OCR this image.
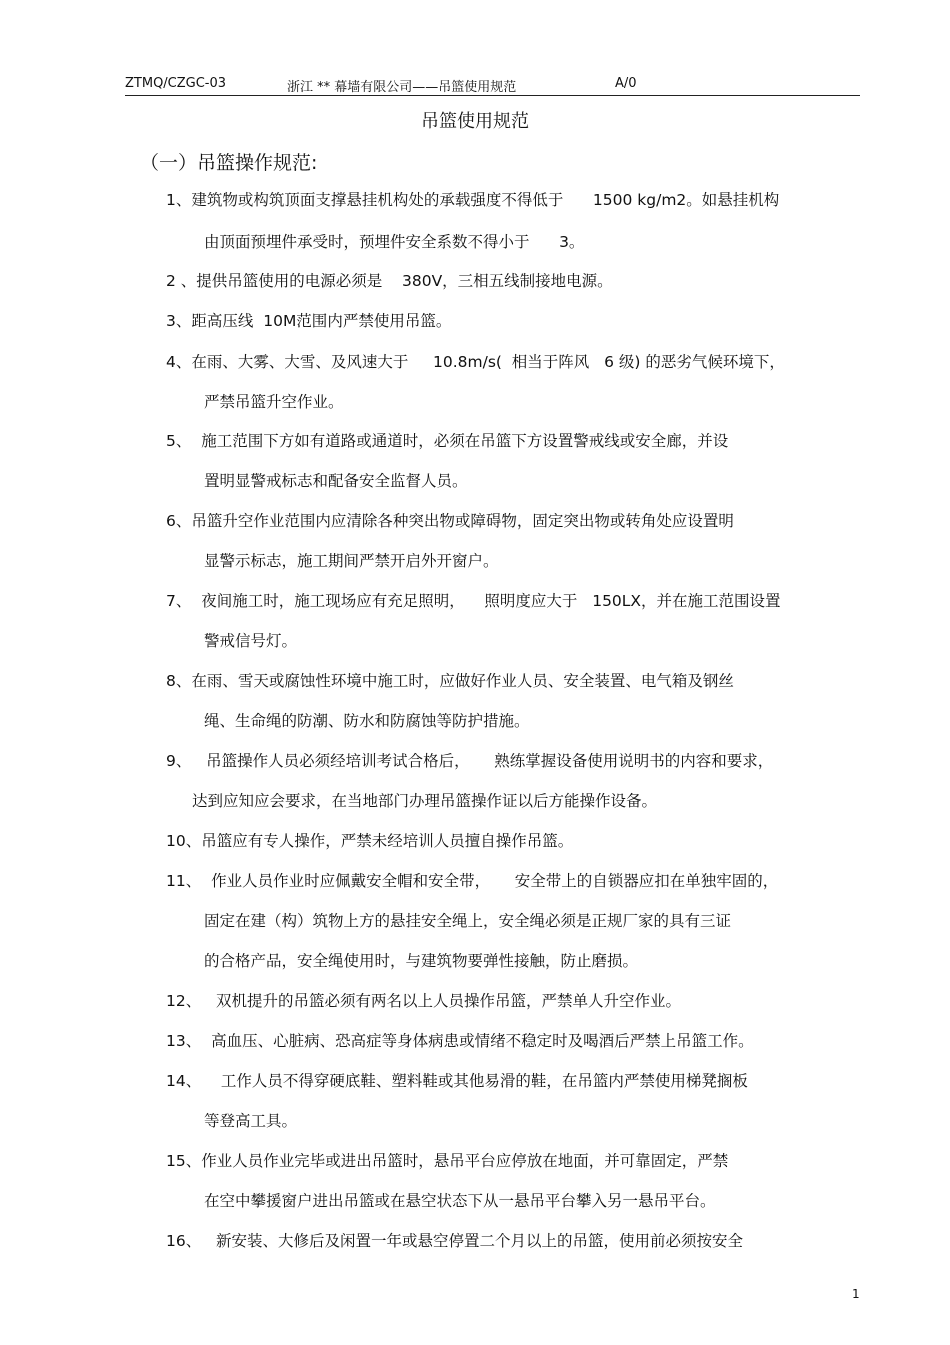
ZTMQ/CZGC-03	浙江 ** 幕墙有限公司——吊篮使用规范	A/0
吊篮使用规范
（一）吊篮操作规范:
1、建筑物或构筑顶面支撑悬挂机构处的承载强度不得低于      1500 kg/m2。如悬挂机构
由顶面预埋件承受时，预埋件安全系数不得小于      3。
2 、提供吊篮使用的电源必须是    380V，三相五线制接地电源。
3、距高压线  10M范围内严禁使用吊篮。
4、在雨、大雾、大雪、及风速大于     10.8m/s(  相当于阵风   6 级) 的恶劣气候环境下，
严禁吊篮升空作业。
5、  施工范围下方如有道路或通道时，必须在吊篮下方设置警戒线或安全廊，并设
置明显警戒标志和配备安全监督人员。
6、吊篮升空作业范围内应清除各种突出物或障碍物，固定突出物或转角处应设置明
显警示标志，施工期间严禁开启外开窗户。
7、  夜间施工时，施工现场应有充足照明，    照明度应大于   150LX，并在施工范围设置
警戒信号灯。
8、在雨、雪天或腐蚀性环境中施工时，应做好作业人员、安全装置、电气箱及钢丝
绳、生命绳的防潮、防水和防腐蚀等防护措施。
9、   吊篮操作人员必须经培训考试合格后，     熟练掌握设备使用说明书的内容和要求，
达到应知应会要求，在当地部门办理吊篮操作证以后方能操作设备。
10、吊篮应有专人操作，严禁未经培训人员擅自操作吊篮。
11、  作业人员作业时应佩戴安全帽和安全带，     安全带上的自锁器应扣在单独牢固的，
固定在建（构）筑物上方的悬挂安全绳上，安全绳必须是正规厂家的具有三证
的合格产品，安全绳使用时，与建筑物要弹性接触，防止磨损。
12、   双机提升的吊篮必须有两名以上人员操作吊篮，严禁单人升空作业。
13、  高血压、心脏病、恐高症等身体病患或情绪不稳定时及喝酒后严禁上吊篮工作。
14、    工作人员不得穿硬底鞋、塑料鞋或其他易滑的鞋，在吊篮内严禁使用梯凳搁板
等登高工具。
15、作业人员作业完毕或进出吊篮时，悬吊平台应停放在地面，并可靠固定，严禁
在空中攀援窗户进出吊篮或在悬空状态下从一悬吊平台攀入另一悬吊平台。
16、   新安装、大修后及闲置一年或悬空停置二个月以上的吊篮，使用前必须按安全
1
